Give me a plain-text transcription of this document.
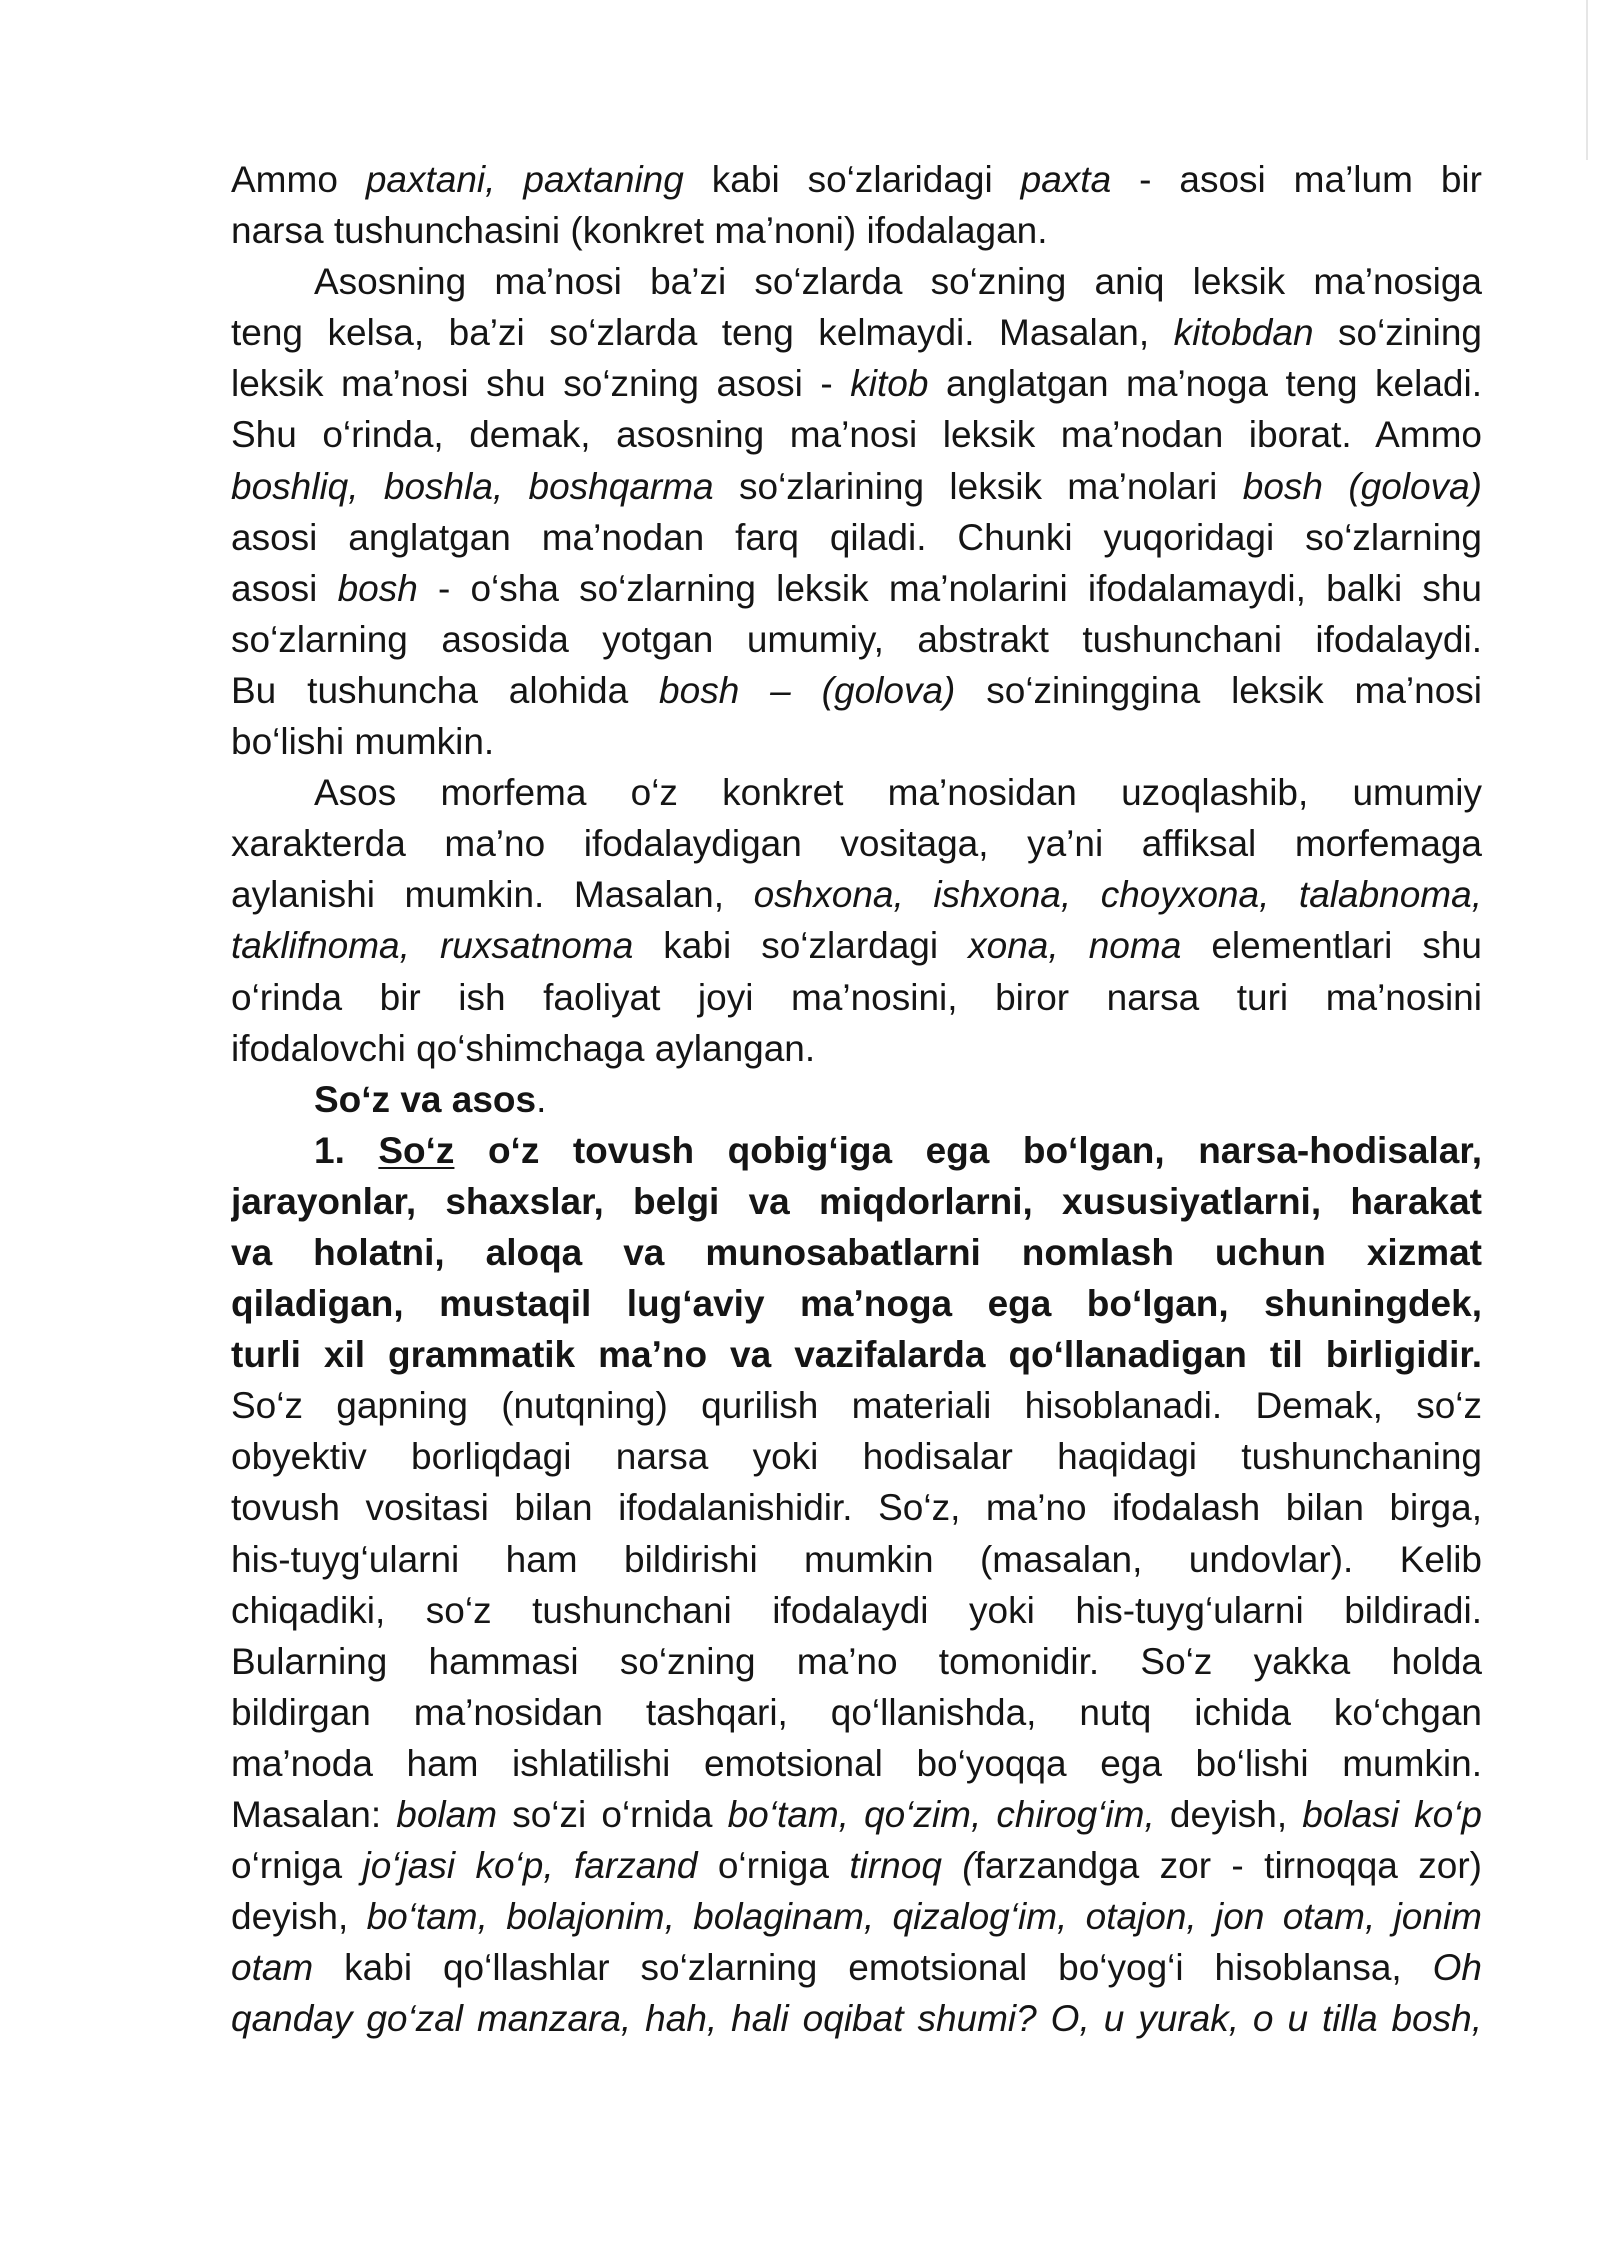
Ammo paxtani, paxtaning kabi so‘zlaridagi paxta - asosi ma’lum bir
narsa tushunchasini (konkret ma’noni) ifodalagan.
Asosning ma’nosi ba’zi so‘zlarda so‘zning aniq leksik ma’nosiga
teng kelsa, ba’zi so‘zlarda teng kelmaydi. Masalan, kitobdan so‘zining
leksik ma’nosi shu so‘zning asosi - kitob anglatgan ma’noga teng keladi.
Shu o‘rinda, demak, asosning ma’nosi leksik ma’nodan iborat. Ammo
boshliq, boshla, boshqarma so‘zlarining leksik ma’nolari bosh (golova)
asosi anglatgan ma’nodan farq qiladi. Chunki yuqoridagi so‘zlarning
asosi bosh - o‘sha so‘zlarning leksik ma’nolarini ifodalamaydi, balki shu
so‘zlarning asosida yotgan umumiy, abstrakt tushunchani ifodalaydi.
Bu tushuncha alohida bosh – (golova) so‘zininggina leksik ma’nosi
bo‘lishi mumkin.
Asos morfema o‘z konkret ma’nosidan uzoqlashib, umumiy
xarakterda ma’no ifodalaydigan vositaga, ya’ni affiksal morfemaga
aylanishi mumkin. Masalan, oshxona, ishxona, choyxona, talabnoma,
taklifnoma, ruxsatnoma kabi so‘zlardagi xona, noma elementlari shu
o‘rinda bir ish faoliyat joyi ma’nosini, biror narsa turi ma’nosini
ifodalovchi qo‘shimchaga aylangan.
So‘z va asos.
1. So‘z o‘z tovush qobig‘iga ega bo‘lgan, narsa-hodisalar,
jarayonlar, shaxslar, belgi va miqdorlarni, xususiyatlarni, harakat
va holatni, aloqa va munosabatlarni nomlash uchun xizmat
qiladigan, mustaqil lug‘aviy ma’noga ega bo‘lgan, shuningdek,
turli xil grammatik ma’no va vazifalarda qo‘llanadigan til birligidir.
So‘z gapning (nutqning) qurilish materiali hisoblanadi. Demak, so‘z
obyektiv borliqdagi narsa yoki hodisalar haqidagi tushunchaning
tovush vositasi bilan ifodalanishidir. So‘z, ma’no ifodalash bilan birga,
his-tuyg‘ularni ham bildirishi mumkin (masalan, undovlar). Kelib
chiqadiki, so‘z tushunchani ifodalaydi yoki his-tuyg‘ularni bildiradi.
Bularning hammasi so‘zning ma’no tomonidir. So‘z yakka holda
bildirgan ma’nosidan tashqari, qo‘llanishda, nutq ichida ko‘chgan
ma’noda ham ishlatilishi emotsional bo‘yoqqa ega bo‘lishi mumkin.
Masalan: bolam so‘zi o‘rnida bo‘tam, qo‘zim, chirog‘im, deyish, bolasi ko‘p
o‘rniga jo‘jasi ko‘p, farzand o‘rniga tirnoq (farzandga zor - tirnoqqa zor)
deyish, bo‘tam, bolajonim, bolaginam, qizalog‘im, otajon, jon otam, jonim
otam kabi qo‘llashlar so‘zlarning emotsional bo‘yog‘i hisoblansa, Oh
qanday go‘zal manzara, hah, hali oqibat shumi? O, u yurak, o u tilla bosh,
